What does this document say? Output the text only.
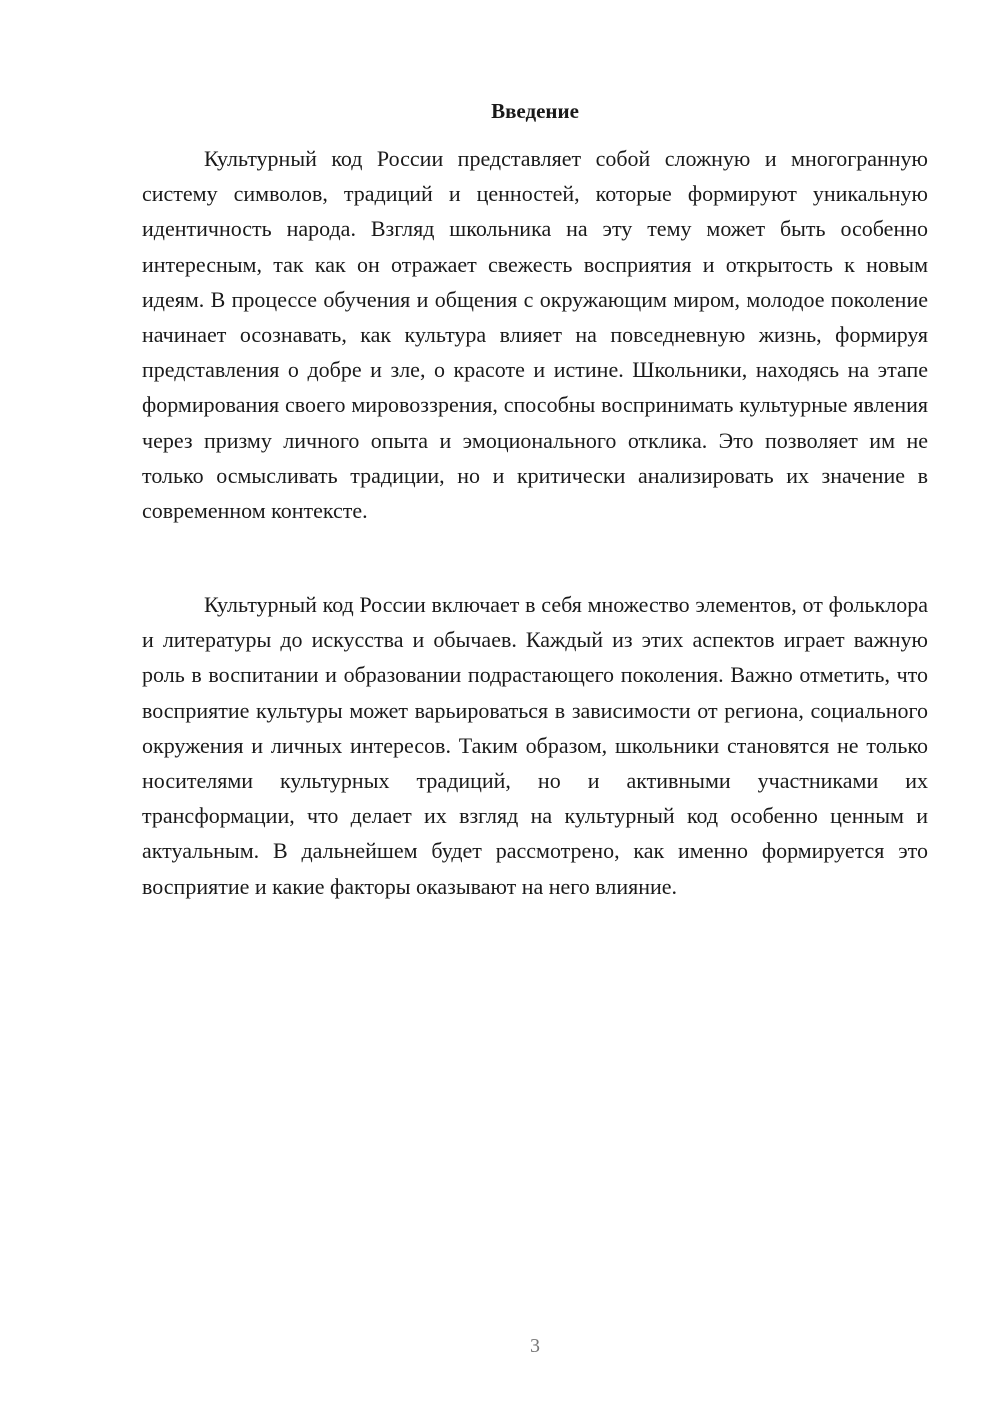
Введение

Культурный код России представляет собой сложную и многогранную систему символов, традиций и ценностей, которые формируют уникальную идентичность народа. Взгляд школьника на эту тему может быть особенно интересным, так как он отражает свежесть восприятия и открытость к новым идеям. В процессе обучения и общения с окружающим миром, молодое поколение начинает осознавать, как культура влияет на повседневную жизнь, формируя представления о добре и зле, о красоте и истине. Школьники, находясь на этапе формирования своего мировоззрения, способны воспринимать культурные явления через призму личного опыта и эмоционального отклика. Это позволяет им не только осмысливать традиции, но и критически анализировать их значение в современном контексте.

Культурный код России включает в себя множество элементов, от фольклора и литературы до искусства и обычаев. Каждый из этих аспектов играет важную роль в воспитании и образовании подрастающего поколения. Важно отметить, что восприятие культуры может варьироваться в зависимости от региона, социального окружения и личных интересов. Таким образом, школьники становятся не только носителями культурных традиций, но и активными участниками их трансформации, что делает их взгляд на культурный код особенно ценным и актуальным. В дальнейшем будет рассмотрено, как именно формируется это восприятие и какие факторы оказывают на него влияние.

3
